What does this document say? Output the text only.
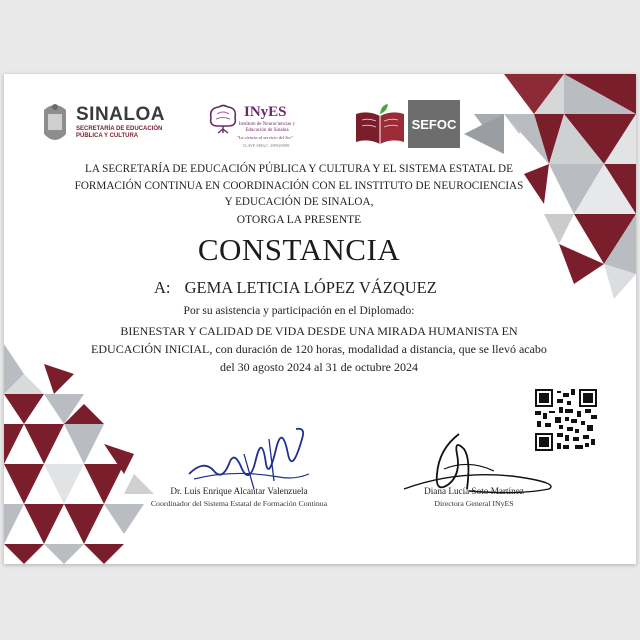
SINALOA
SECRETARÍA DE EDUCACIÓN PÚBLICA Y CULTURA
INyES
Instituto de Neurociencias y Educación de Sinaloa
"La ciencia al servicio del Ser"
CLAVE SEPyC: 25PSU0089
SEFOC
LA SECRETARÍA DE EDUCACIÓN PÚBLICA Y CULTURA Y EL SISTEMA ESTATAL DE FORMACIÓN CONTINUA EN COORDINACIÓN CON EL INSTITUTO DE NEUROCIENCIAS Y EDUCACIÓN DE SINALOA,
OTORGA LA PRESENTE
CONSTANCIA
A: GEMA LETICIA LÓPEZ VÁZQUEZ
Por su asistencia y participación en el Diplomado:
BIENESTAR Y CALIDAD DE VIDA DESDE UNA MIRADA HUMANISTA EN EDUCACIÓN INICIAL, con duración de 120 horas, modalidad a distancia, que se llevó acabo del 30 agosto 2024 al 31 de octubre 2024
Dr. Luis Enrique Alcantar Valenzuela
Coordinador del Sistema Estatal de Formación Continua
Diana Lucía Soto Martínez
Directora General INyES
